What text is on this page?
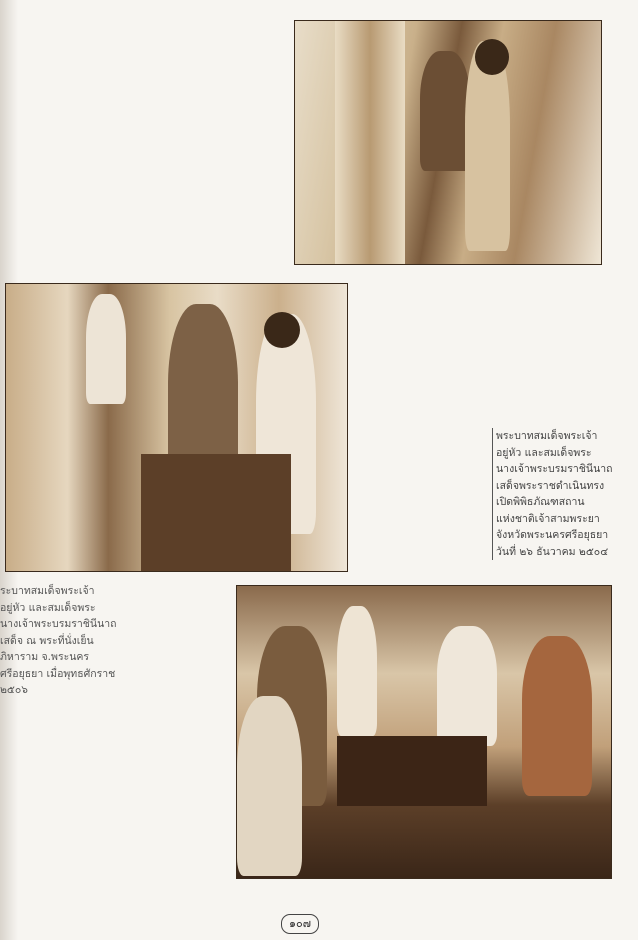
พระบาทสมเด็จพระเจ้า
อยู่หัว และสมเด็จพระ
นางเจ้าพระบรมราชินีนาถ
เสด็จพระราชดำเนินทรง
เปิดพิพิธภัณฑสถาน
แห่งชาติเจ้าสามพระยา
จังหวัดพระนครศรีอยุธยา
วันที่ ๒๖ ธันวาคม ๒๕๐๔
ระบาทสมเด็จพระเจ้า
อยู่หัว และสมเด็จพระ
นางเจ้าพระบรมราชินีนาถ
เสด็จ ณ พระที่นั่งเย็น
ภิหาราม จ.พระนคร
ศรีอยุธยา เมื่อพุทธศักราช
๒๕๐๖
๑๐๗
